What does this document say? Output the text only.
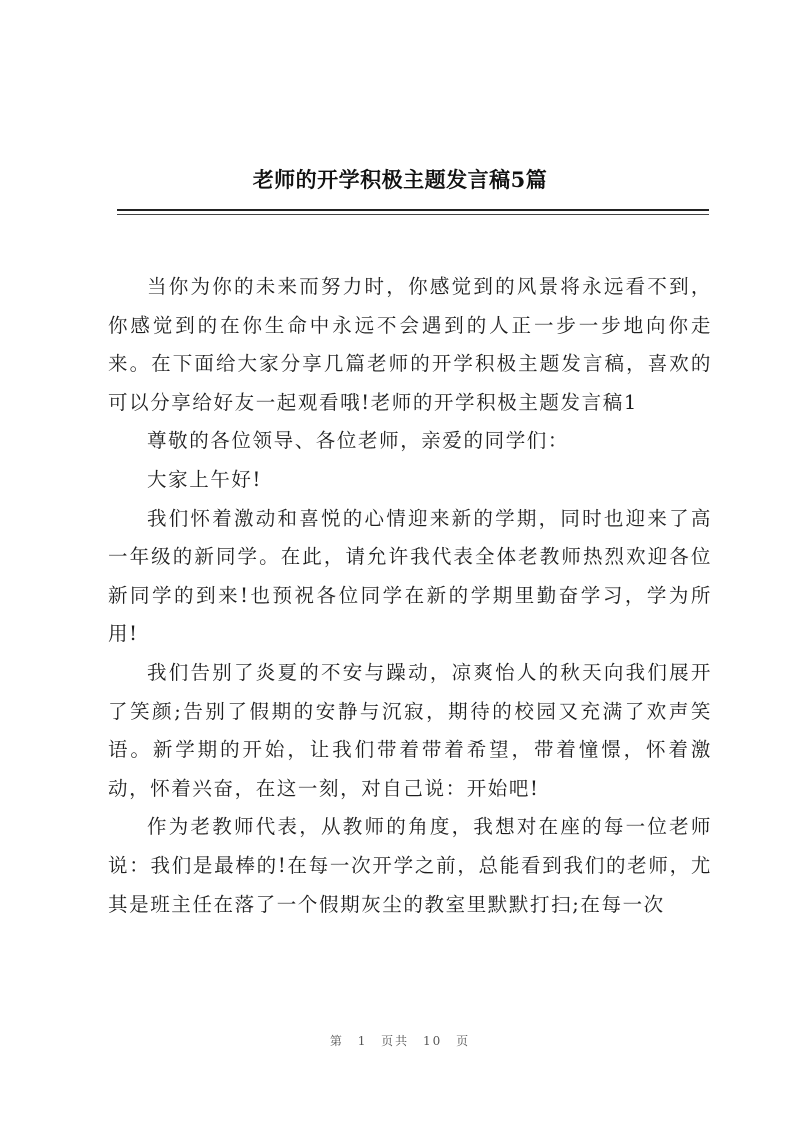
老师的开学积极主题发言稿5篇

当你为你的未来而努力时，你感觉到的风景将永远看不到，你感觉到的在你生命中永远不会遇到的人正一步一步地向你走来。在下面给大家分享几篇老师的开学积极主题发言稿，喜欢的可以分享给好友一起观看哦!老师的开学积极主题发言稿1

尊敬的各位领导、各位老师，亲爱的同学们：

大家上午好!

我们怀着激动和喜悦的心情迎来新的学期，同时也迎来了高一年级的新同学。在此，请允许我代表全体老教师热烈欢迎各位新同学的到来!也预祝各位同学在新的学期里勤奋学习，学为所用!

我们告别了炎夏的不安与躁动，凉爽怡人的秋天向我们展开了笑颜;告别了假期的安静与沉寂，期待的校园又充满了欢声笑语。新学期的开始，让我们带着带着希望，带着憧憬，怀着激动，怀着兴奋，在这一刻，对自己说：开始吧!

作为老教师代表，从教师的角度，我想对在座的每一位老师说：我们是最棒的!在每一次开学之前，总能看到我们的老师，尤其是班主任在落了一个假期灰尘的教室里默默打扫;在每一次

第 1 页共 10 页
